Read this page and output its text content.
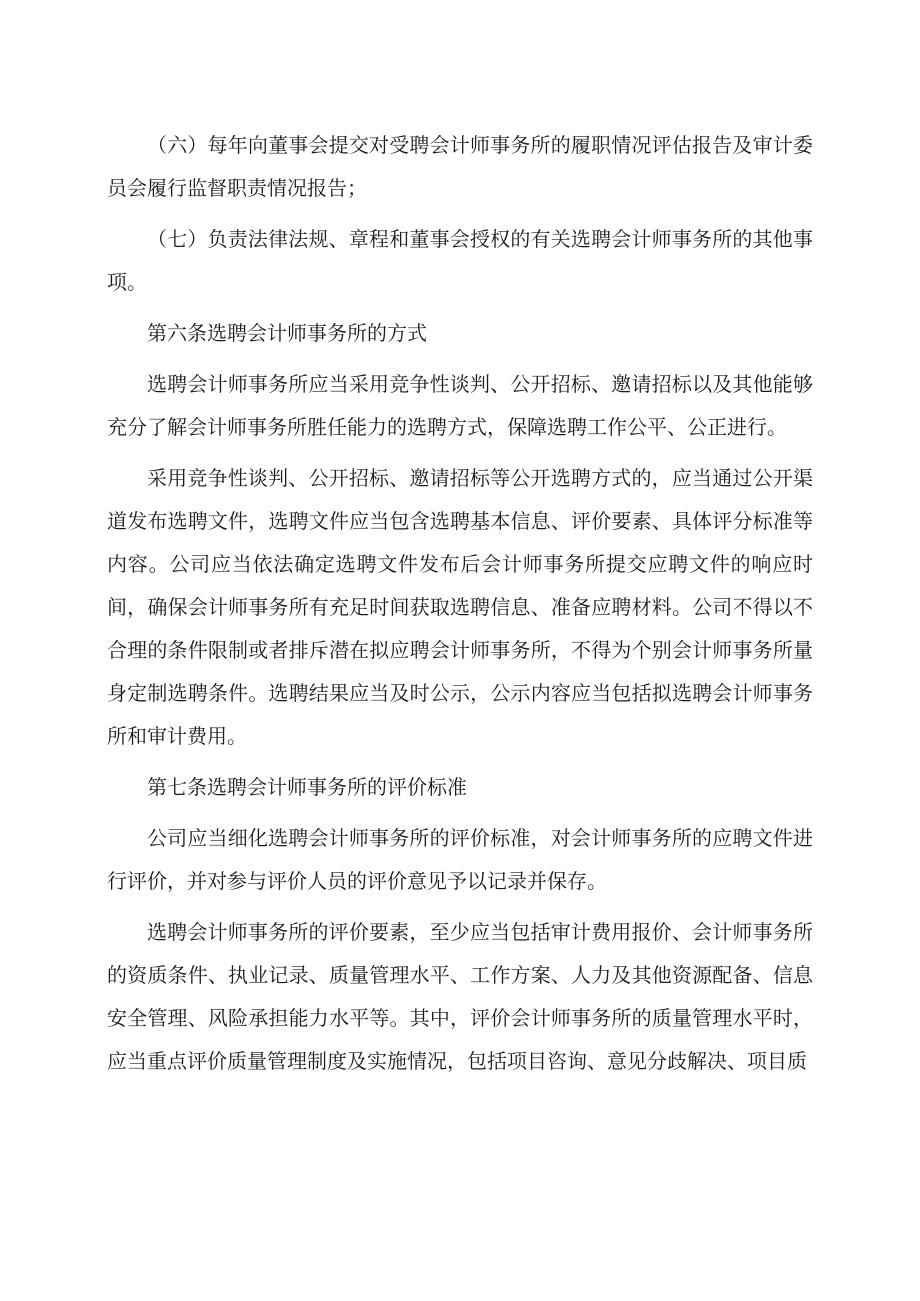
（六）每年向董事会提交对受聘会计师事务所的履职情况评估报告及审计委员会履行监督职责情况报告；

（七）负责法律法规、章程和董事会授权的有关选聘会计师事务所的其他事项。

第六条选聘会计师事务所的方式

选聘会计师事务所应当采用竞争性谈判、公开招标、邀请招标以及其他能够充分了解会计师事务所胜任能力的选聘方式，保障选聘工作公平、公正进行。

采用竞争性谈判、公开招标、邀请招标等公开选聘方式的，应当通过公开渠道发布选聘文件，选聘文件应当包含选聘基本信息、评价要素、具体评分标准等内容。公司应当依法确定选聘文件发布后会计师事务所提交应聘文件的响应时间，确保会计师事务所有充足时间获取选聘信息、准备应聘材料。公司不得以不合理的条件限制或者排斥潜在拟应聘会计师事务所，不得为个别会计师事务所量身定制选聘条件。选聘结果应当及时公示，公示内容应当包括拟选聘会计师事务所和审计费用。

第七条选聘会计师事务所的评价标准

公司应当细化选聘会计师事务所的评价标准，对会计师事务所的应聘文件进行评价，并对参与评价人员的评价意见予以记录并保存。

选聘会计师事务所的评价要素，至少应当包括审计费用报价、会计师事务所的资质条件、执业记录、质量管理水平、工作方案、人力及其他资源配备、信息安全管理、风险承担能力水平等。其中，评价会计师事务所的质量管理水平时，应当重点评价质量管理制度及实施情况，包括项目咨询、意见分歧解决、项目质
